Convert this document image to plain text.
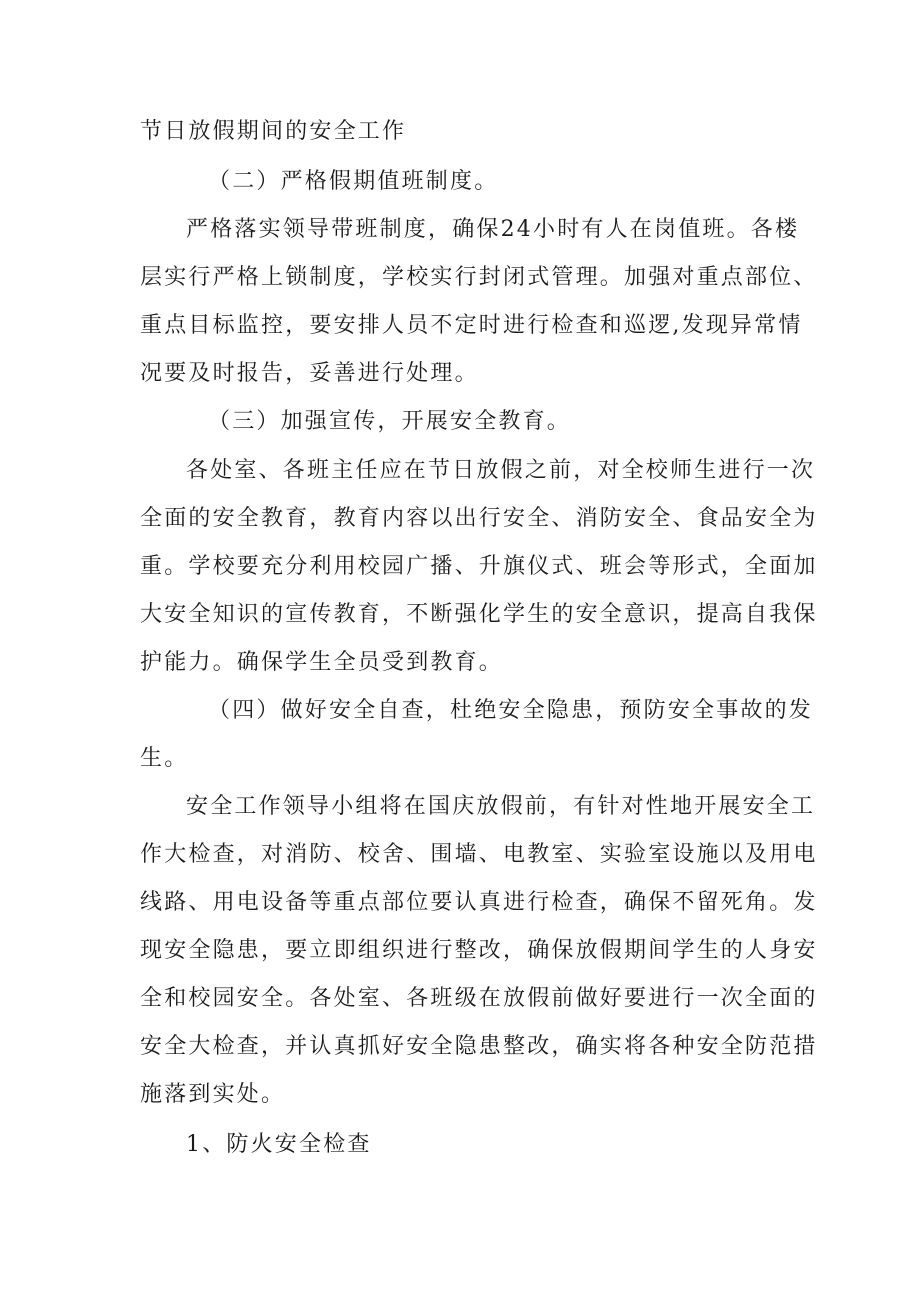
节日放假期间的安全工作
（二）严格假期值班制度。
严格落实领导带班制度，确保24小时有人在岗值班。各楼
层实行严格上锁制度，学校实行封闭式管理。加强对重点部位、
重点目标监控，要安排人员不定时进行检查和巡逻,发现异常情
况要及时报告，妥善进行处理。
（三）加强宣传，开展安全教育。
各处室、各班主任应在节日放假之前，对全校师生进行一次
全面的安全教育，教育内容以出行安全、消防安全、食品安全为
重。学校要充分利用校园广播、升旗仪式、班会等形式，全面加
大安全知识的宣传教育，不断强化学生的安全意识，提高自我保
护能力。确保学生全员受到教育。
（四）做好安全自查，杜绝安全隐患，预防安全事故的发
生。
安全工作领导小组将在国庆放假前，有针对性地开展安全工
作大检查，对消防、校舍、围墙、电教室、实验室设施以及用电
线路、用电设备等重点部位要认真进行检查，确保不留死角。发
现安全隐患，要立即组织进行整改，确保放假期间学生的人身安
全和校园安全。各处室、各班级在放假前做好要进行一次全面的
安全大检查，并认真抓好安全隐患整改，确实将各种安全防范措
施落到实处。
1、防火安全检查
